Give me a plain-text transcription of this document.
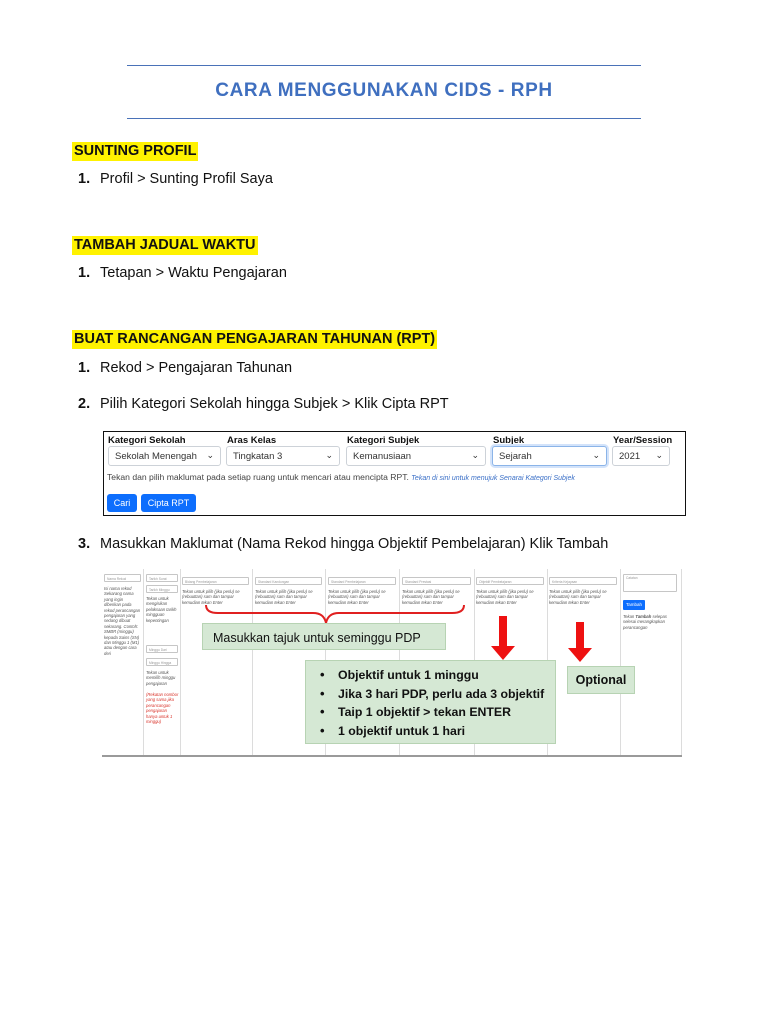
CARA MENGGUNAKAN CIDS - RPH
SUNTING PROFIL
1. Profil > Sunting Profil Saya
TAMBAH JADUAL WAKTU
1. Tetapan > Waktu Pengajaran
BUAT RANCANGAN PENGAJARAN TAHUNAN (RPT)
1. Rekod > Pengajaran Tahunan
2. Pilih Kategori Sekolah hingga Subjek > Klik Cipta RPT
Kategori Sekolah
Sekolah Menengah ⌄
Aras Kelas
Tingkatan 3	⌄
Kategori Subjek
Kemanusiaan	⌄
Subjek
Sejarah	⌄
Year/Session
2021 ⌄
Tekan dan pilih maklumat pada setiap ruang untuk mencari atau mencipta RPT. Tekan di sini untuk menujuk Senarai Kategori Subjek
Cari	Cipta RPT
3. Masukkan Maklumat (Nama Rekod hingga Objektif Pembelajaran) Klik Tambah
Nama Rekod
Isi nama rekod Sekarang nama yang ingin diberikan pada rekod perancangan pengajaran yang sedang dibuat sekarang. Contoh: SMBR (minggu) kepada Sains (SN) dan Minggu 1 (M1) atau dengan cara deri
Tarikh Surat
Tarikh Minggu
Tekan untuk mengisikan pelaksaan tarikh mingguan kepentingan
Minggu Dari
Minggu Hingga
Tekan untuk memilih minggu pengajaran
(Rekatan nombor yang sama jika perancangan pengajaran hanya untuk 1 minggu)
Bidang Pembelajaran
Tekan untuk pilih (jika perlu) se (rebuuttan) sam dan tampar kemudian tekan Enter
Standard Kandungan
Tekan untuk pilih (jika perlu) se (rebuuttan) sam dan tampar kemudian tekan Enter
Standard Pembelajaran
Tekan untuk pilih (jika perlu) se (rebuuttan) sam dan tampar kemudian tekan Enter
Standard Prestasi
Tekan untuk pilih (jika perlu) se (rebuuttan) sam dan tampar kemudian tekan Enter
Objektif Pembelajaran
Tekan untuk pilih (jika perlu) se (rebuuttan) sam dan tampar kemudian tekan Enter
Kriteria Kejayaan
Tekan untuk pilih (jika perlu) se (rebuuttan) sam dan tampar kemudian tekan Enter
Catatan
Tambah
Tekan Tambah selepas selesai merangkapkan perancangan
Masukkan tajuk untuk seminggu PDP
• Objektif untuk 1 minggu
• Jika 3 hari PDP, perlu ada 3 objektif
• Taip 1 objektif > tekan ENTER
• 1 objektif untuk 1 hari
Optional
